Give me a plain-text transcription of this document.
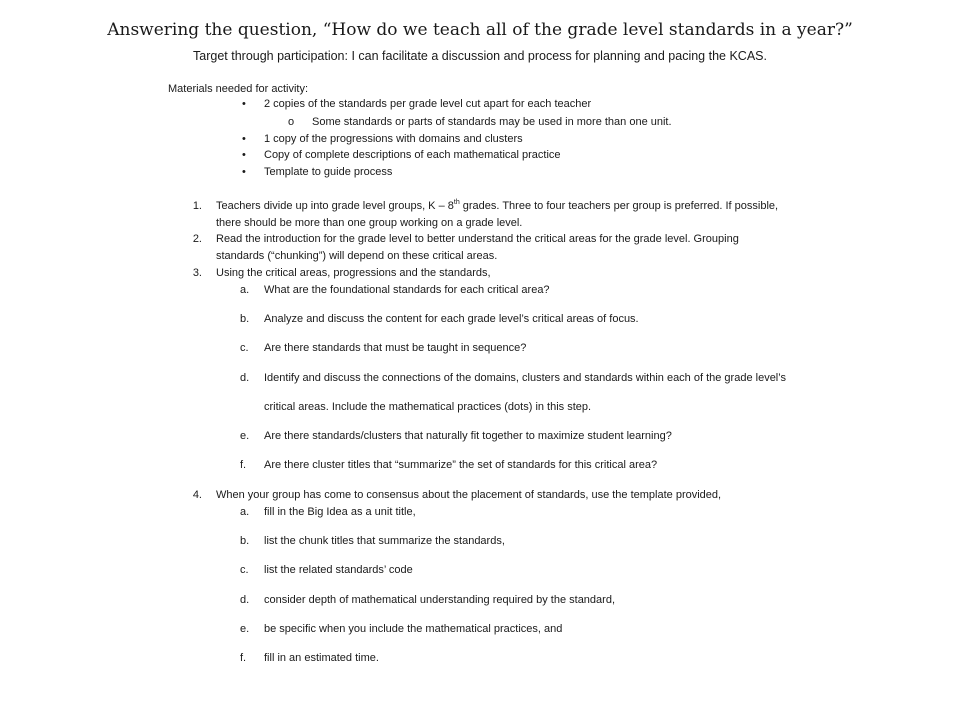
Answering the question, “How do we teach all of the grade level standards in a year?”
Target through participation: I can facilitate a discussion and process for planning and pacing the KCAS.
Materials needed for activity:
• 2 copies of the standards per grade level cut apart for each teacher
o Some standards or parts of standards may be used in more than one unit.
• 1 copy of the progressions with domains and clusters
• Copy of complete descriptions of each mathematical practice
• Template to guide process
1. Teachers divide up into grade level groups, K – 8th grades. Three to four teachers per group is preferred. If possible,
there should be more than one group working on a grade level.
2. Read the introduction for the grade level to better understand the critical areas for the grade level. Grouping
standards (“chunking”) will depend on these critical areas.
3. Using the critical areas, progressions and the standards,
a. What are the foundational standards for each critical area?
b. Analyze and discuss the content for each grade level’s critical areas of focus.
c. Are there standards that must be taught in sequence?
d. Identify and discuss the connections of the domains, clusters and standards within each of the grade level’s
critical areas. Include the mathematical practices (dots) in this step.
e. Are there standards/clusters that naturally fit together to maximize student learning?
f. Are there cluster titles that “summarize” the set of standards for this critical area?
4. When your group has come to consensus about the placement of standards, use the template provided,
a. fill in the Big Idea as a unit title,
b. list the chunk titles that summarize the standards,
c. list the related standards’ code
d. consider depth of mathematical understanding required by the standard,
e. be specific when you include the mathematical practices, and
f. fill in an estimated time.
